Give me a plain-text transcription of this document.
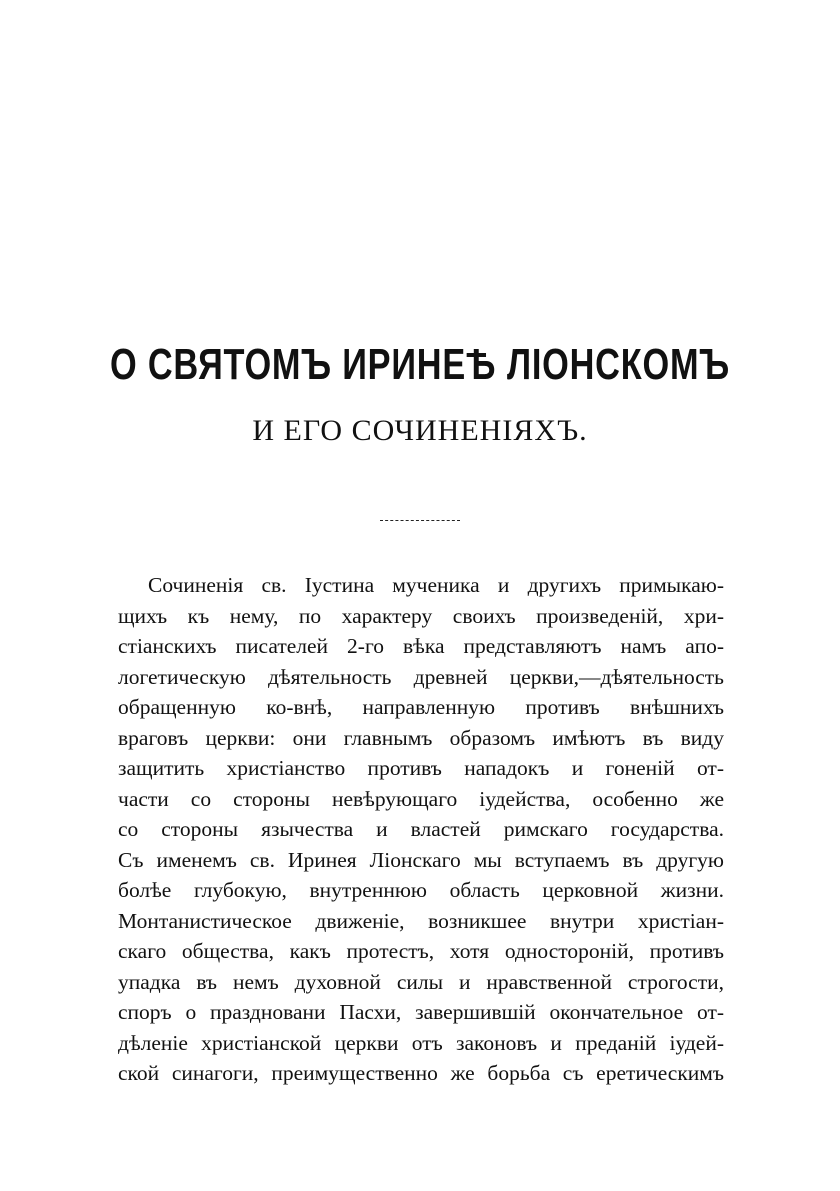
О СВЯТОМЪ ИРИНЕѢ ЛІОНСКОМЪ
И ЕГО СОЧИНЕНІЯХЪ.
Сочиненія св. Іустина мученика и другихъ примыкаю-
щихъ къ нему, по характеру своихъ произведеній, хри-
стіанскихъ писателей 2-го вѣка представляютъ намъ апо-
логетическую дѣятельность древней церкви,—дѣятельность
обращенную ко-внѣ, направленную противъ внѣшнихъ
враговъ церкви: они главнымъ образомъ имѣютъ въ виду
защитить христіанство противъ нападокъ и гоненій от-
части со стороны невѣрующаго іудейства, особенно же
со стороны язычества и властей римскаго государства.
Съ именемъ св. Иринея Ліонскаго мы вступаемъ въ другую
болѣе глубокую, внутреннюю область церковной жизни.
Монтанистическое движеніе, возникшее внутри христіан-
скаго общества, какъ протестъ, хотя одностороній, противъ
упадка въ немъ духовной силы и нравственной строгости,
споръ о праздновани Пасхи, завершившій окончательное от-
дѣленіе христіанской церкви отъ законовъ и преданій іудей-
ской синагоги, преимущественно же борьба съ еретическимъ
